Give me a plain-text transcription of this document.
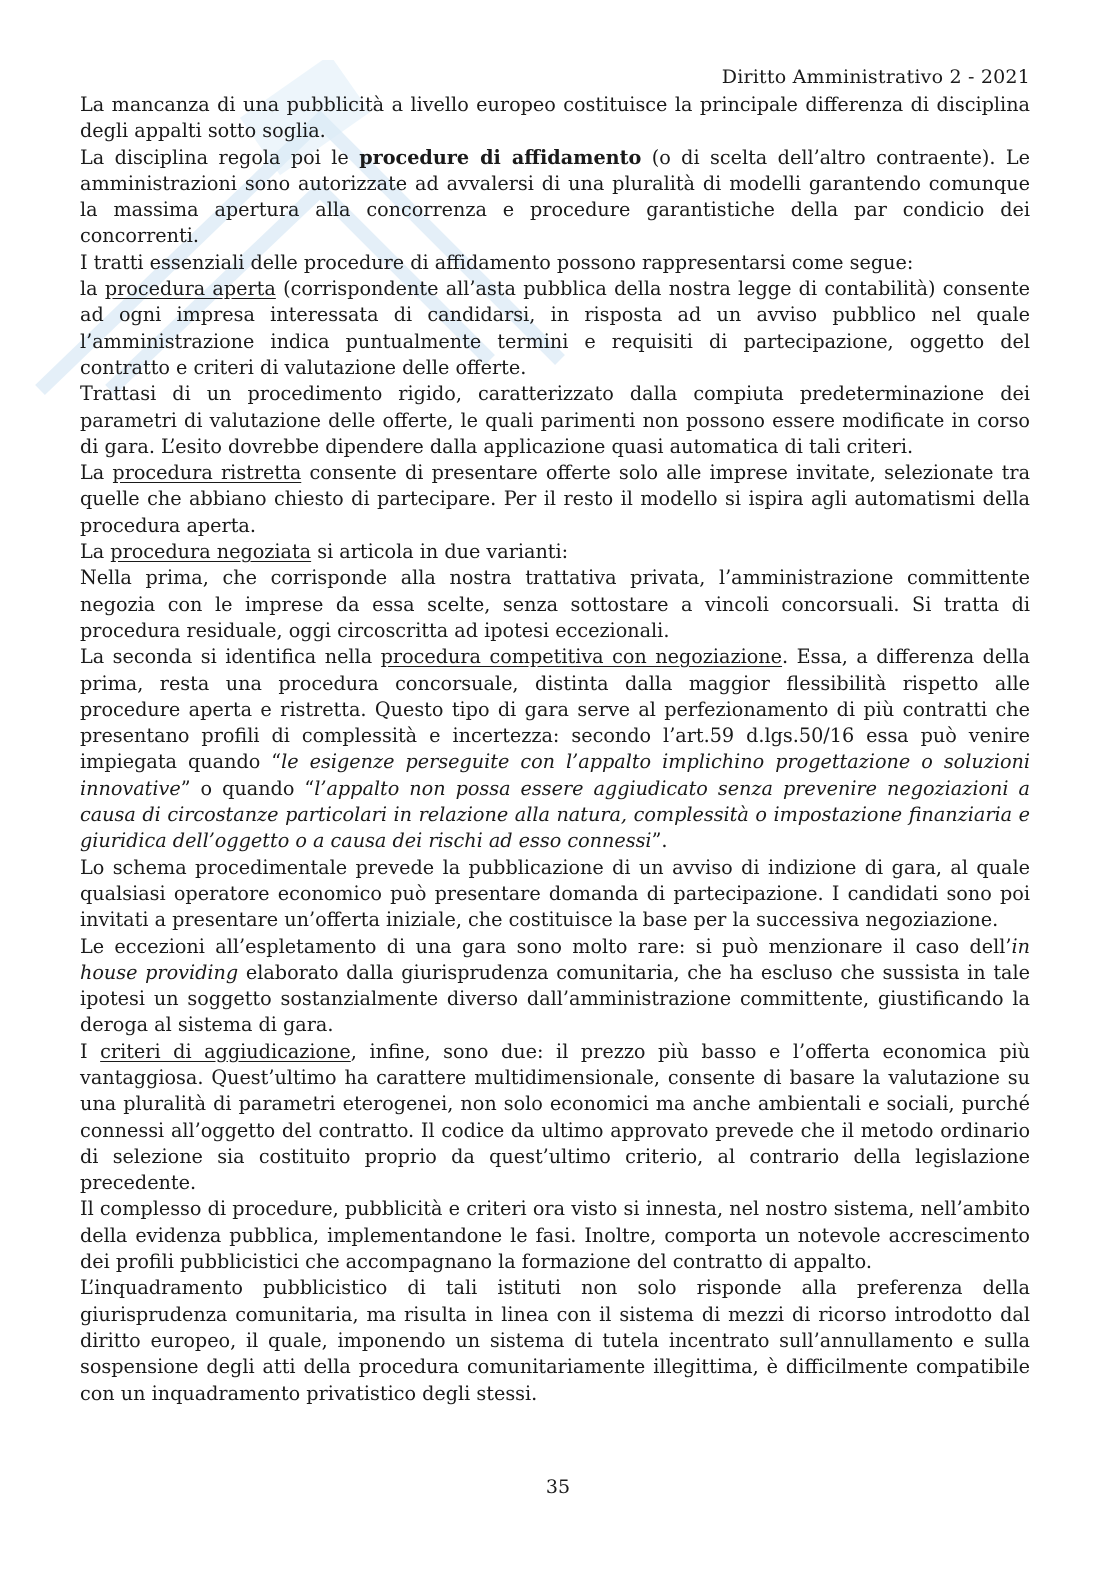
Diritto Amministrativo 2 - 2021

La mancanza di una pubblicità a livello europeo costituisce la principale differenza di disciplina degli appalti sotto soglia.

La disciplina regola poi le procedure di affidamento (o di scelta dell’altro contraente). Le amministrazioni sono autorizzate ad avvalersi di una pluralità di modelli garantendo comunque la massima apertura alla concorrenza e procedure garantistiche della par condicio dei concorrenti.

I tratti essenziali delle procedure di affidamento possono rappresentarsi come segue:

la procedura aperta (corrispondente all’asta pubblica della nostra legge di contabilità) consente ad ogni impresa interessata di candidarsi, in risposta ad un avviso pubblico nel quale l’amministrazione indica puntualmente termini e requisiti di partecipazione, oggetto del contratto e criteri di valutazione delle offerte.

Trattasi di un procedimento rigido, caratterizzato dalla compiuta predeterminazione dei parametri di valutazione delle offerte, le quali parimenti non possono essere modificate in corso di gara. L’esito dovrebbe dipendere dalla applicazione quasi automatica di tali criteri.

La procedura ristretta consente di presentare offerte solo alle imprese invitate, selezionate tra quelle che abbiano chiesto di partecipare. Per il resto il modello si ispira agli automatismi della procedura aperta.

La procedura negoziata si articola in due varianti:

Nella prima, che corrisponde alla nostra trattativa privata, l’amministrazione committente negozia con le imprese da essa scelte, senza sottostare a vincoli concorsuali. Si tratta di procedura residuale, oggi circoscritta ad ipotesi eccezionali.

La seconda si identifica nella procedura competitiva con negoziazione. Essa, a differenza della prima, resta una procedura concorsuale, distinta dalla maggior flessibilità rispetto alle procedure aperta e ristretta. Questo tipo di gara serve al perfezionamento di più contratti che presentano profili di complessità e incertezza: secondo l’art.59 d.lgs.50/16 essa può venire impiegata quando “le esigenze perseguite con l’appalto implichino progettazione o soluzioni innovative” o quando “l’appalto non possa essere aggiudicato senza prevenire negoziazioni a causa di circostanze particolari in relazione alla natura, complessità o impostazione finanziaria e giuridica dell’oggetto o a causa dei rischi ad esso connessi”.

Lo schema procedimentale prevede la pubblicazione di un avviso di indizione di gara, al quale qualsiasi operatore economico può presentare domanda di partecipazione. I candidati sono poi invitati a presentare un’offerta iniziale, che costituisce la base per la successiva negoziazione.

Le eccezioni all’espletamento di una gara sono molto rare: si può menzionare il caso dell’in house providing elaborato dalla giurisprudenza comunitaria, che ha escluso che sussista in tale ipotesi un soggetto sostanzialmente diverso dall’amministrazione committente, giustificando la deroga al sistema di gara.

I criteri di aggiudicazione, infine, sono due: il prezzo più basso e l’offerta economica più vantaggiosa. Quest’ultimo ha carattere multidimensionale, consente di basare la valutazione su una pluralità di parametri eterogenei, non solo economici ma anche ambientali e sociali, purché connessi all’oggetto del contratto. Il codice da ultimo approvato prevede che il metodo ordinario di selezione sia costituito proprio da quest’ultimo criterio, al contrario della legislazione precedente.

Il complesso di procedure, pubblicità e criteri ora visto si innesta, nel nostro sistema, nell’ambito della evidenza pubblica, implementandone le fasi. Inoltre, comporta un notevole accrescimento dei profili pubblicistici che accompagnano la formazione del contratto di appalto.

L’inquadramento pubblicistico di tali istituti non solo risponde alla preferenza della giurisprudenza comunitaria, ma risulta in linea con il sistema di mezzi di ricorso introdotto dal diritto europeo, il quale, imponendo un sistema di tutela incentrato sull’annullamento e sulla sospensione degli atti della procedura comunitariamente illegittima, è difficilmente compatibile con un inquadramento privatistico degli stessi.

35
